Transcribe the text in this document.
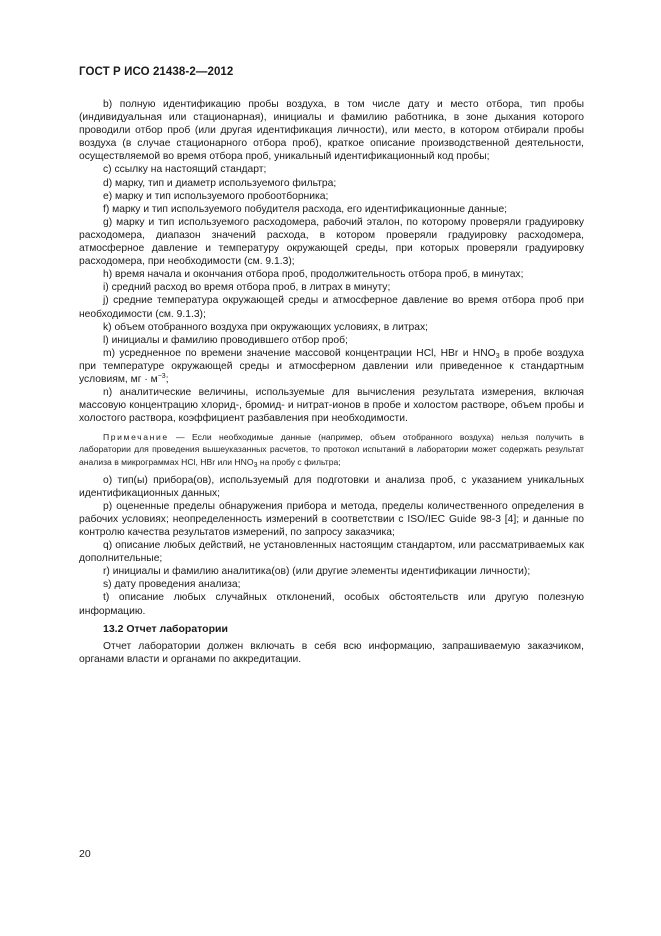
ГОСТ Р ИСО 21438-2—2012

b) полную идентификацию пробы воздуха, в том числе дату и место отбора, тип пробы (индивидуальная или стационарная), инициалы и фамилию работника, в зоне дыхания которого проводили отбор проб (или другая идентификация личности), или место, в котором отбирали пробы воздуха (в случае стационарного отбора проб), краткое описание производственной деятельности, осуществляемой во время отбора проб, уникальный идентификационный код пробы;

c) ссылку на настоящий стандарт;

d) марку, тип и диаметр используемого фильтра;

e) марку и тип используемого пробоотборника;

f) марку и тип используемого побудителя расхода, его идентификационные данные;

g) марку и тип используемого расходомера, рабочий эталон, по которому проверяли градуировку расходомера, диапазон значений расхода, в котором проверяли градуировку расходомера, атмосферное давление и температуру окружающей среды, при которых проверяли градуировку расходомера, при необходимости (см. 9.1.3);

h) время начала и окончания отбора проб, продолжительность отбора проб, в минутах;

i) средний расход во время отбора проб, в литрах в минуту;

j) средние температура окружающей среды и атмосферное давление во время отбора проб при необходимости (см. 9.1.3);

k) объем отобранного воздуха при окружающих условиях, в литрах;

l) инициалы и фамилию проводившего отбор проб;

m) усредненное по времени значение массовой концентрации HCl, HBr и $HNO_3$ в пробе воздуха при температуре окружающей среды и атмосферном давлении или приведенное к стандартным условиям, мг · $м^{-3}$;

n) аналитические величины, используемые для вычисления результата измерения, включая массовую концентрацию хлорид-, бромид- и нитрат-ионов в пробе и холостом растворе, объем пробы и холостого раствора, коэффициент разбавления при необходимости.

Примечание — Если необходимые данные (например, объем отобранного воздуха) нельзя получить в лаборатории для проведения вышеуказанных расчетов, то протокол испытаний в лаборатории может содержать результат анализа в микрограммах HCl, HBr или $HNO_3$ на пробу с фильтра;

o) тип(ы) прибора(ов), используемый для подготовки и анализа проб, с указанием уникальных идентификационных данных;

p) оцененные пределы обнаружения прибора и метода, пределы количественного определения в рабочих условиях; неопределенность измерений в соответствии с ISO/IEC Guide 98-3 [4]; и данные по контролю качества результатов измерений, по запросу заказчика;

q) описание любых действий, не установленных настоящим стандартом, или рассматриваемых как дополнительные;

r) инициалы и фамилию аналитика(ов) (или другие элементы идентификации личности);

s) дату проведения анализа;

t) описание любых случайных отклонений, особых обстоятельств или другую полезную информацию.

13.2 Отчет лаборатории

Отчет лаборатории должен включать в себя всю информацию, запрашиваемую заказчиком, органами власти и органами по аккредитации.

20
